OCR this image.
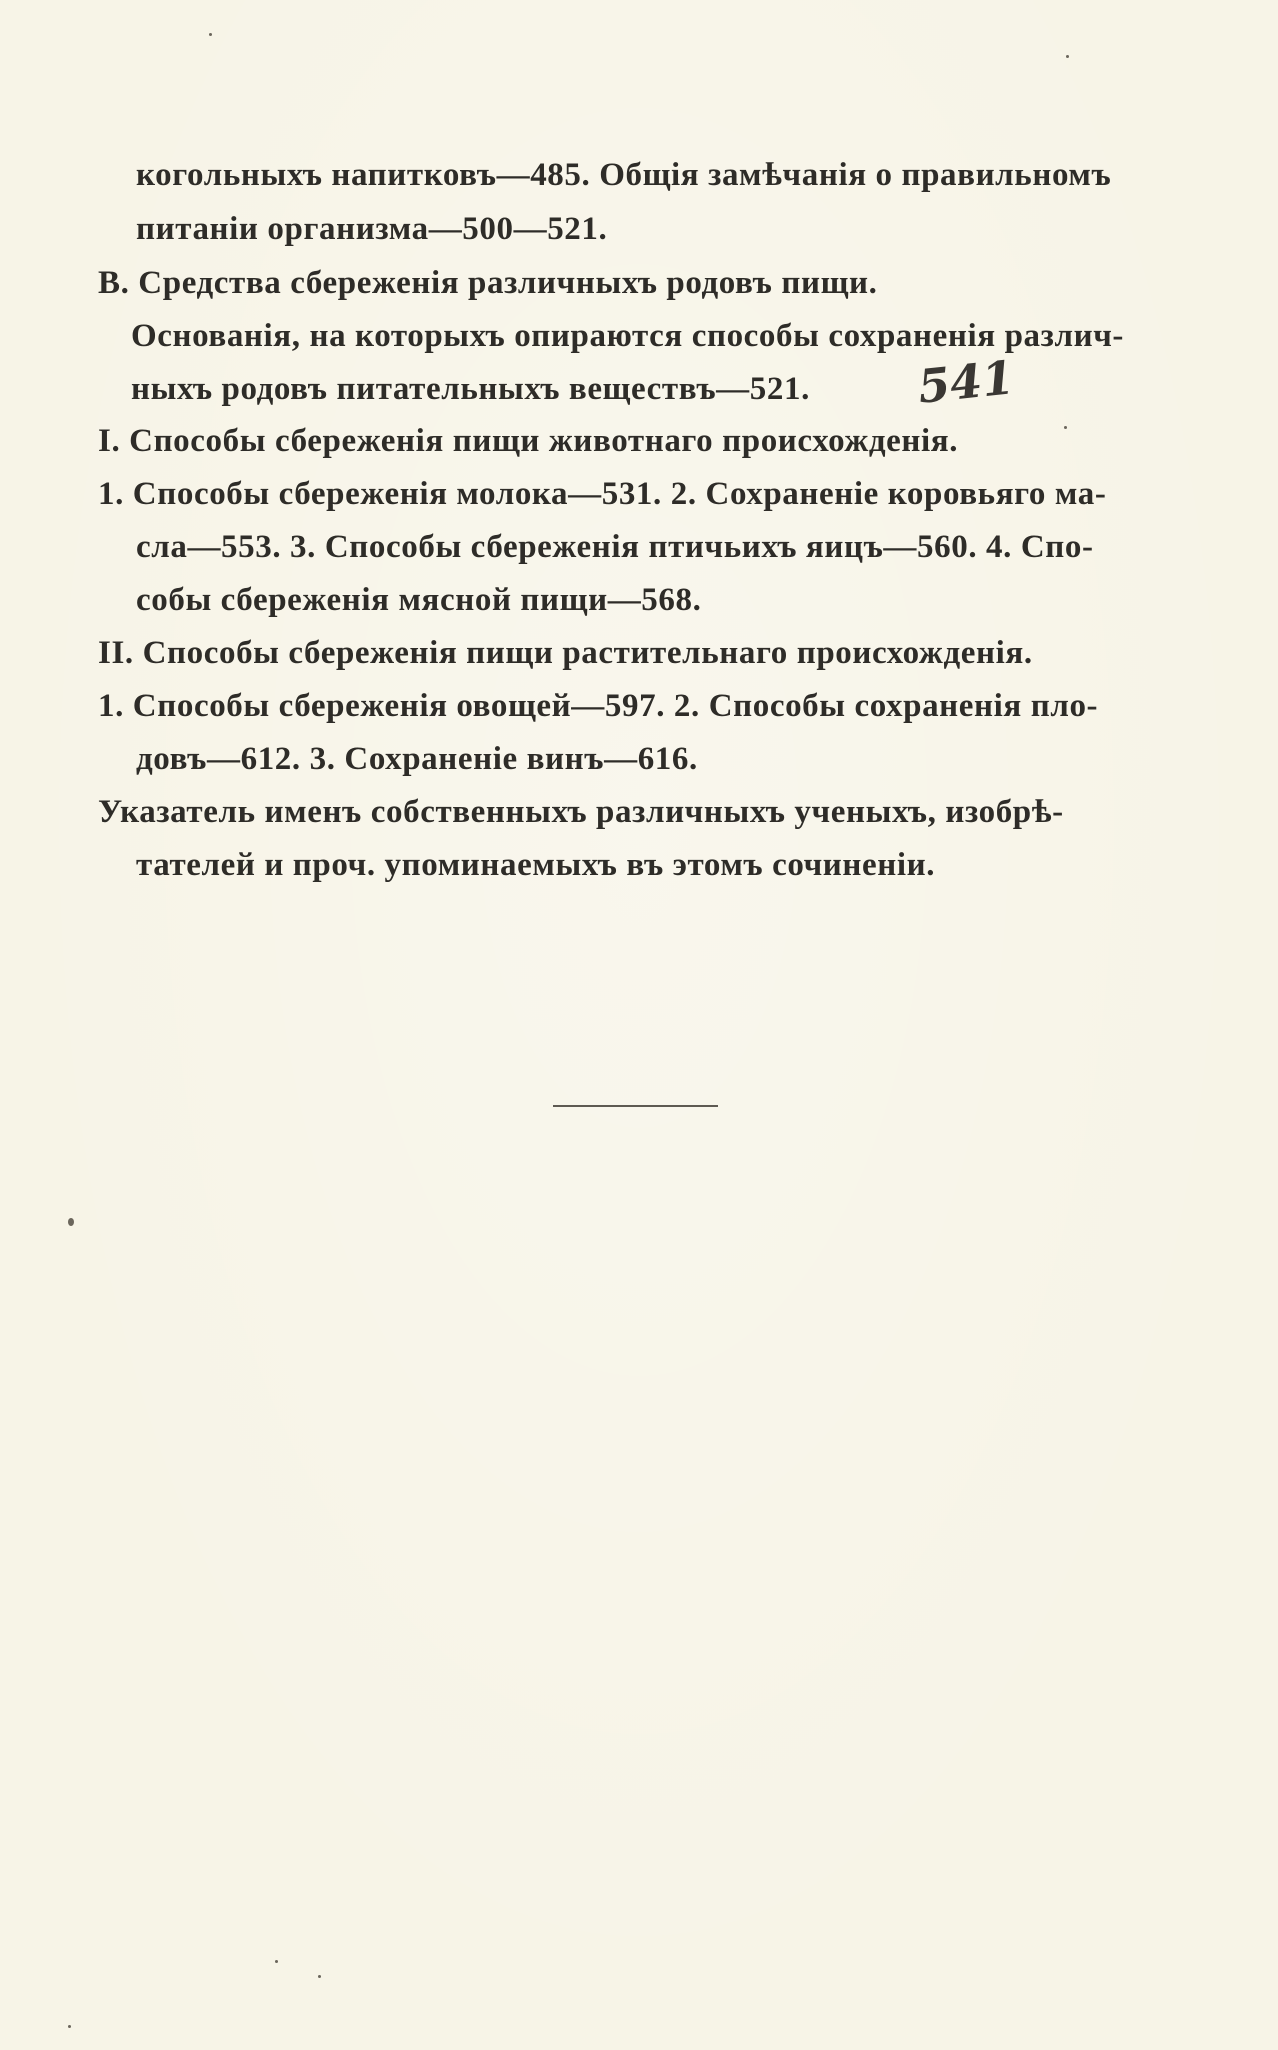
когольныхъ напитковъ—485. Общія замѣчанія о правильномъ
питаніи организма—500—521.
В. Средства сбереженія различныхъ родовъ пищи.
Основанія, на которыхъ опираются способы сохраненія различ-
ныхъ родовъ питательныхъ веществъ—521. 541
I. Способы сбереженія пищи животнаго происхожденія.
1. Способы сбереженія молока—531. 2. Сохраненіе коровьяго ма-
сла—553. 3. Способы сбереженія птичьихъ яицъ—560. 4. Спо-
собы сбереженія мясной пищи—568.
II. Способы сбереженія пищи растительнаго происхожденія.
1. Способы сбереженія овощей—597. 2. Способы сохраненія пло-
довъ—612. 3. Сохраненіе винъ—616.
Указатель именъ собственныхъ различныхъ ученыхъ, изобрѣ-
тателей и проч. упоминаемыхъ въ этомъ сочиненіи.
